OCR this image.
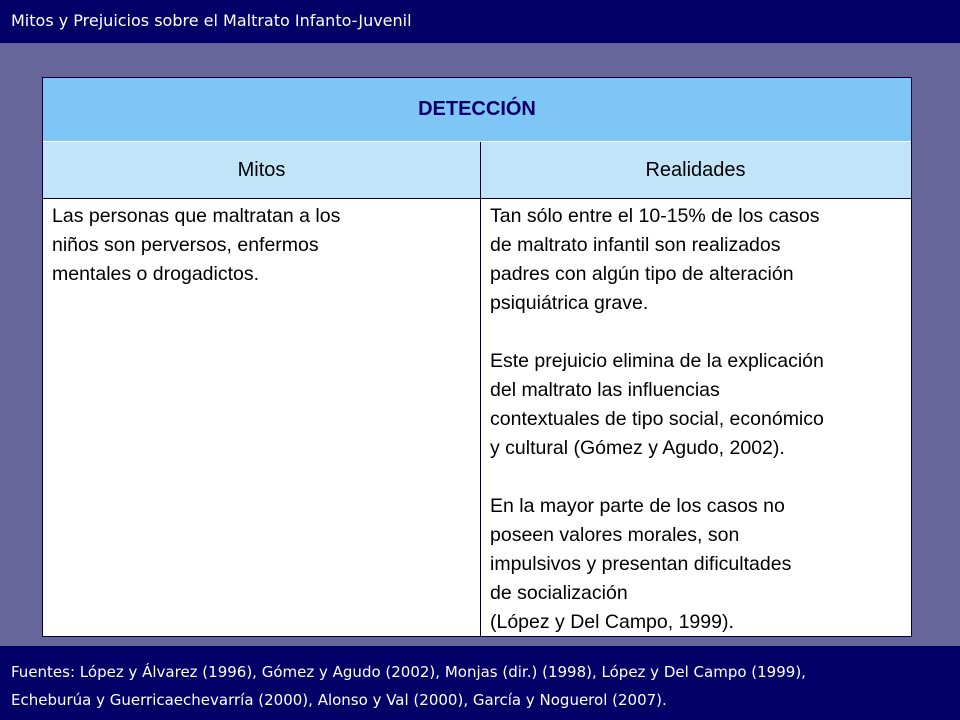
Mitos y Prejuicios sobre el Maltrato Infanto-Juvenil
DETECCIÓN
Mitos	Realidades
Las personas que maltratan a los
niños son perversos, enfermos
mentales o drogadictos.
Tan sólo entre el 10-15% de los casos
de maltrato infantil son realizados
padres con algún tipo de alteración
psiquiátrica grave.
Este prejuicio elimina de la explicación
del maltrato las influencias
contextuales de tipo social, económico
y cultural (Gómez y Agudo, 2002).
En la mayor parte de los casos no
poseen valores morales, son
impulsivos y presentan dificultades
de socialización
(López y Del Campo, 1999).
Fuentes: López y Álvarez (1996), Gómez y Agudo (2002), Monjas (dir.) (1998), López y Del Campo (1999),
Echeburúa y Guerricaechevarría (2000), Alonso y Val (2000), García y Noguerol (2007).
